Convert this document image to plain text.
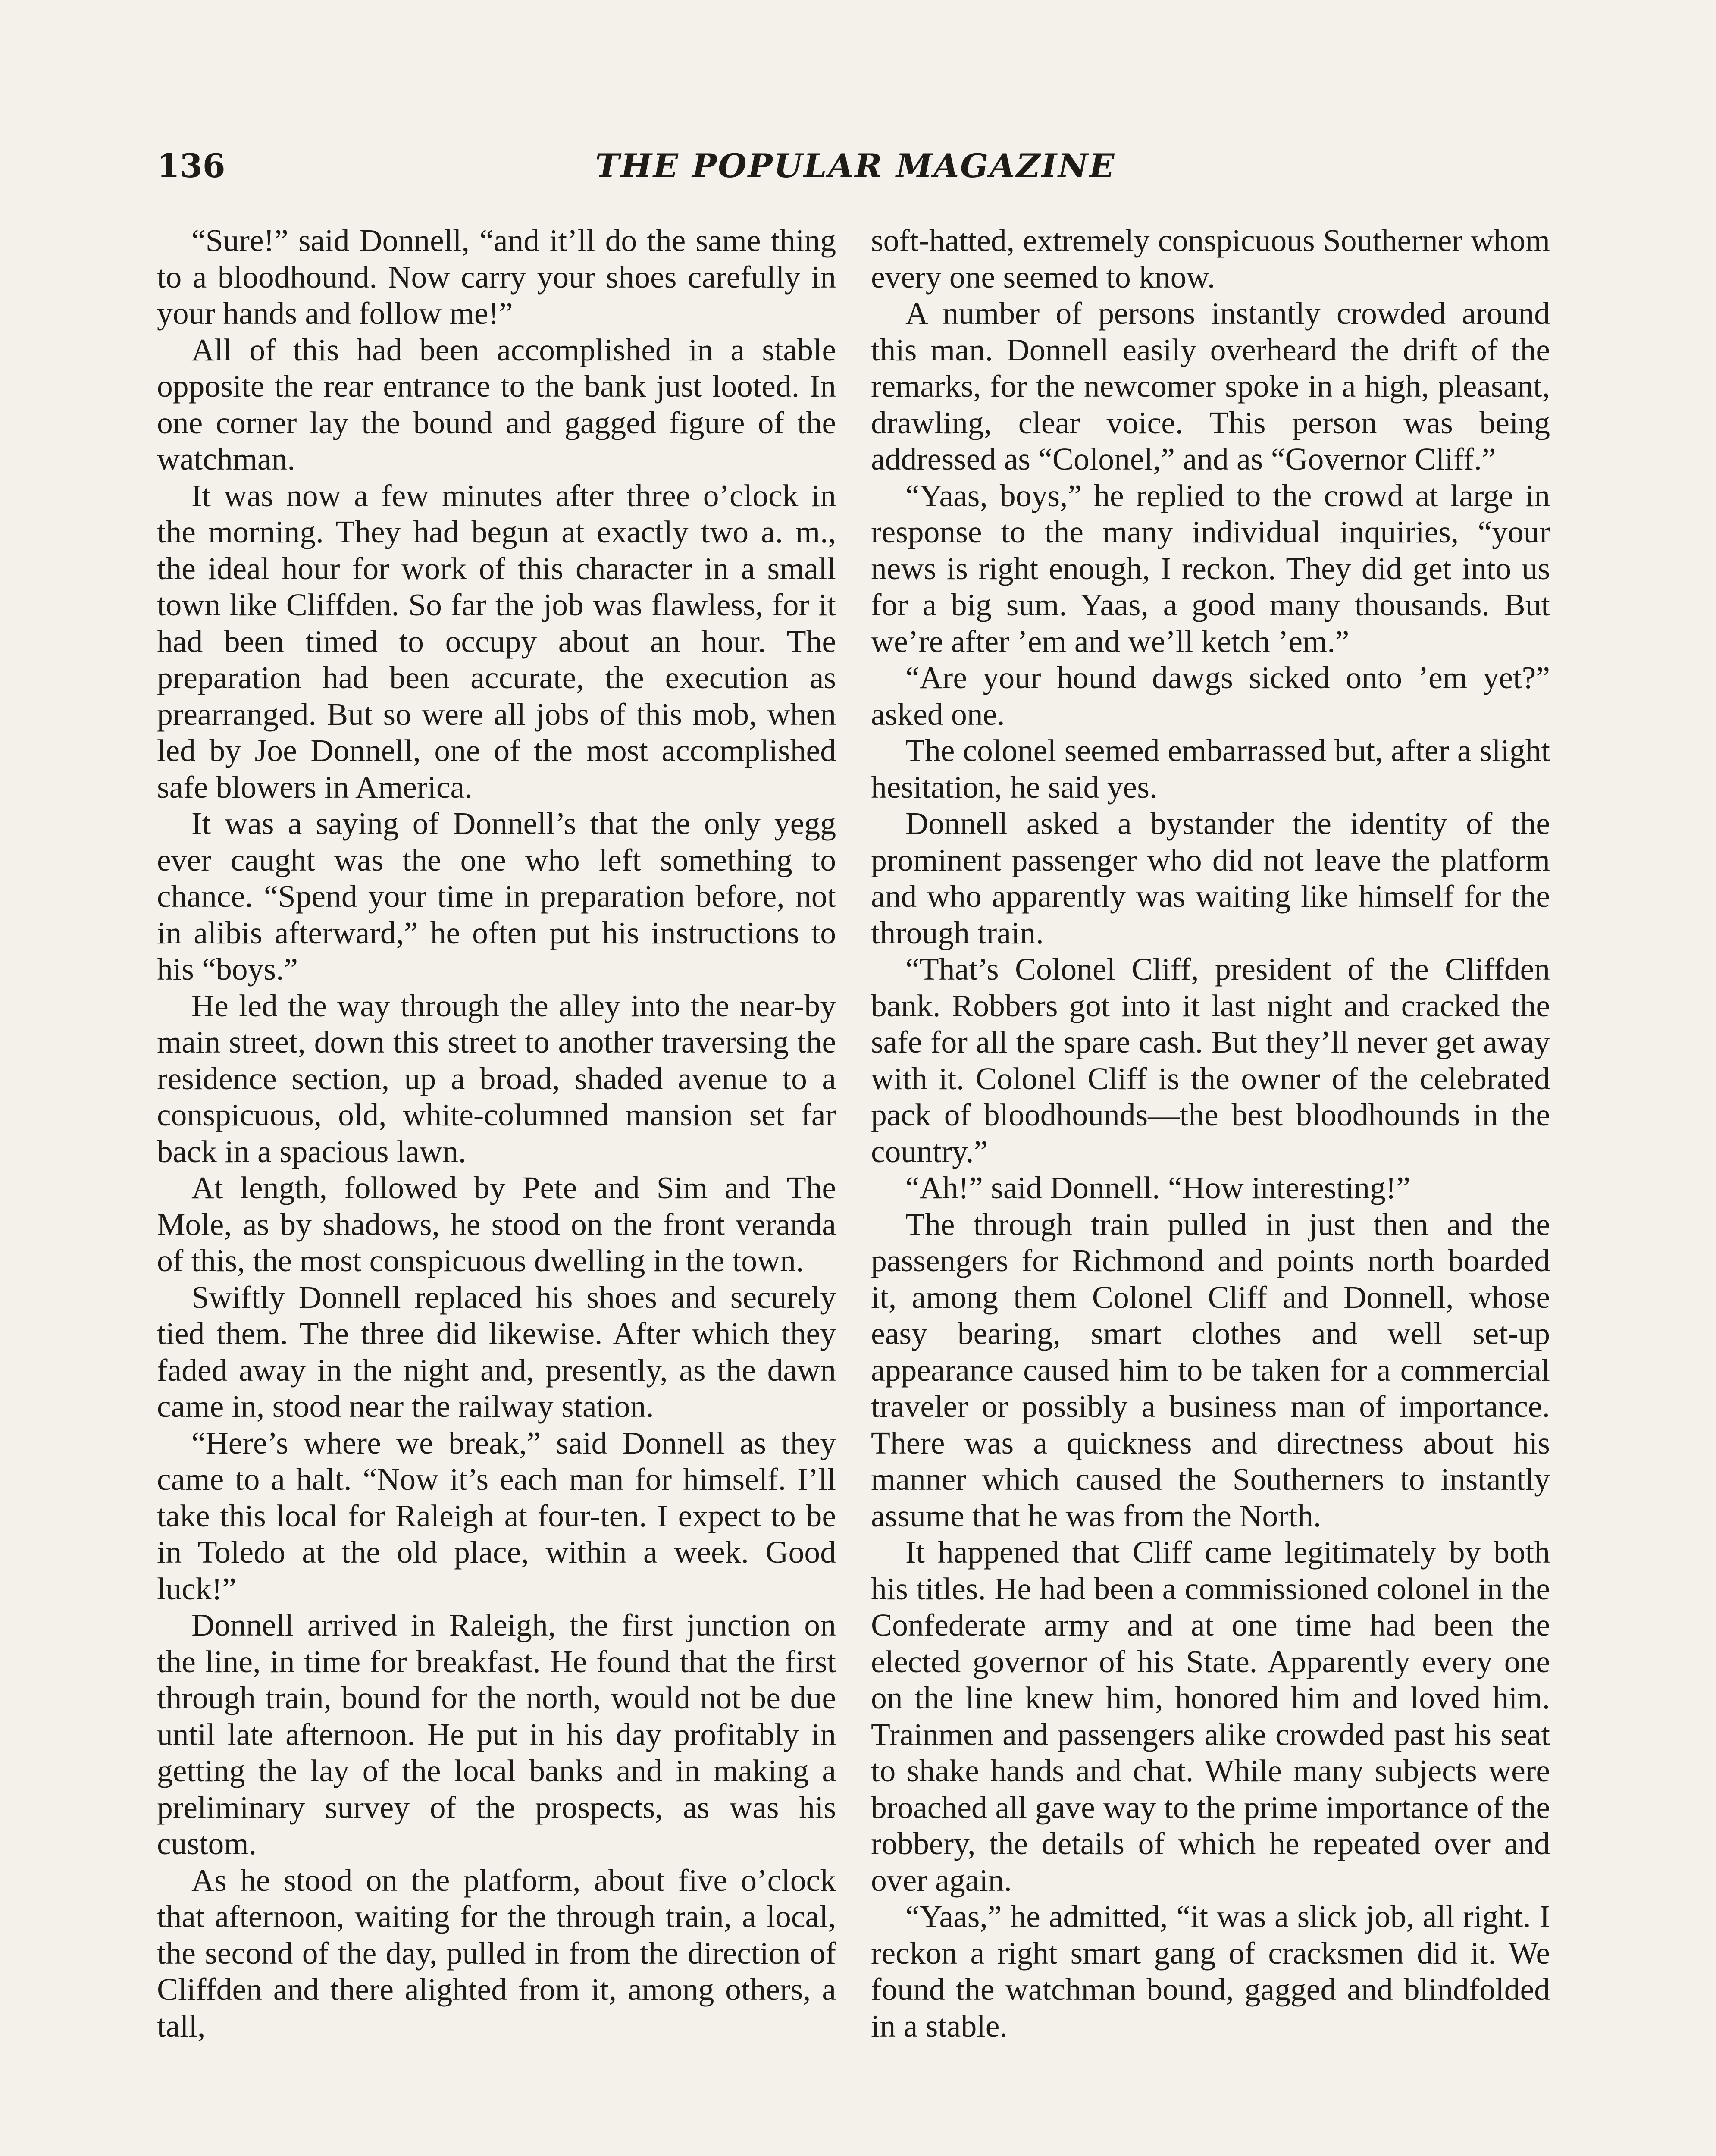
136	THE POPULAR MAGAZINE

“Sure!” said Donnell, “and it’ll do the same thing to a bloodhound. Now carry your shoes carefully in your hands and follow me!”

All of this had been accomplished in a stable opposite the rear entrance to the bank just looted. In one corner lay the bound and gagged figure of the watchman.

It was now a few minutes after three o’clock in the morning. They had begun at exactly two a. m., the ideal hour for work of this character in a small town like Cliffden. So far the job was flawless, for it had been timed to occupy about an hour. The preparation had been accurate, the execution as prearranged. But so were all jobs of this mob, when led by Joe Donnell, one of the most accomplished safe blowers in America.

It was a saying of Donnell’s that the only yegg ever caught was the one who left something to chance. “Spend your time in preparation before, not in alibis afterward,” he often put his instructions to his “boys.”

He led the way through the alley into the near-by main street, down this street to another traversing the residence section, up a broad, shaded avenue to a conspicuous, old, white-columned mansion set far back in a spacious lawn.

At length, followed by Pete and Sim and The Mole, as by shadows, he stood on the front veranda of this, the most conspicuous dwelling in the town.

Swiftly Donnell replaced his shoes and securely tied them. The three did likewise. After which they faded away in the night and, presently, as the dawn came in, stood near the railway station.

“Here’s where we break,” said Donnell as they came to a halt. “Now it’s each man for himself. I’ll take this local for Raleigh at four-ten. I expect to be in Toledo at the old place, within a week. Good luck!”

Donnell arrived in Raleigh, the first junction on the line, in time for breakfast. He found that the first through train, bound for the north, would not be due until late afternoon. He put in his day profitably in getting the lay of the local banks and in making a preliminary survey of the prospects, as was his custom.

As he stood on the platform, about five o’clock that afternoon, waiting for the through train, a local, the second of the day, pulled in from the direction of Cliffden and there alighted from it, among others, a tall,

soft-hatted, extremely conspicuous Southerner whom every one seemed to know.

A number of persons instantly crowded around this man. Donnell easily overheard the drift of the remarks, for the newcomer spoke in a high, pleasant, drawling, clear voice. This person was being addressed as “Colonel,” and as “Governor Cliff.”

“Yaas, boys,” he replied to the crowd at large in response to the many individual inquiries, “your news is right enough, I reckon. They did get into us for a big sum. Yaas, a good many thousands. But we’re after ’em and we’ll ketch ’em.”

“Are your hound dawgs sicked onto ’em yet?” asked one.

The colonel seemed embarrassed but, after a slight hesitation, he said yes.

Donnell asked a bystander the identity of the prominent passenger who did not leave the platform and who apparently was waiting like himself for the through train.

“That’s Colonel Cliff, president of the Cliffden bank. Robbers got into it last night and cracked the safe for all the spare cash. But they’ll never get away with it. Colonel Cliff is the owner of the celebrated pack of bloodhounds—the best bloodhounds in the country.”

“Ah!” said Donnell. “How interesting!”

The through train pulled in just then and the passengers for Richmond and points north boarded it, among them Colonel Cliff and Donnell, whose easy bearing, smart clothes and well set-up appearance caused him to be taken for a commercial traveler or possibly a business man of importance. There was a quickness and directness about his manner which caused the Southerners to instantly assume that he was from the North.

It happened that Cliff came legitimately by both his titles. He had been a commissioned colonel in the Confederate army and at one time had been the elected governor of his State. Apparently every one on the line knew him, honored him and loved him. Trainmen and passengers alike crowded past his seat to shake hands and chat. While many subjects were broached all gave way to the prime importance of the robbery, the details of which he repeated over and over again.

“Yaas,” he admitted, “it was a slick job, all right. I reckon a right smart gang of cracksmen did it. We found the watchman bound, gagged and blindfolded in a stable.
